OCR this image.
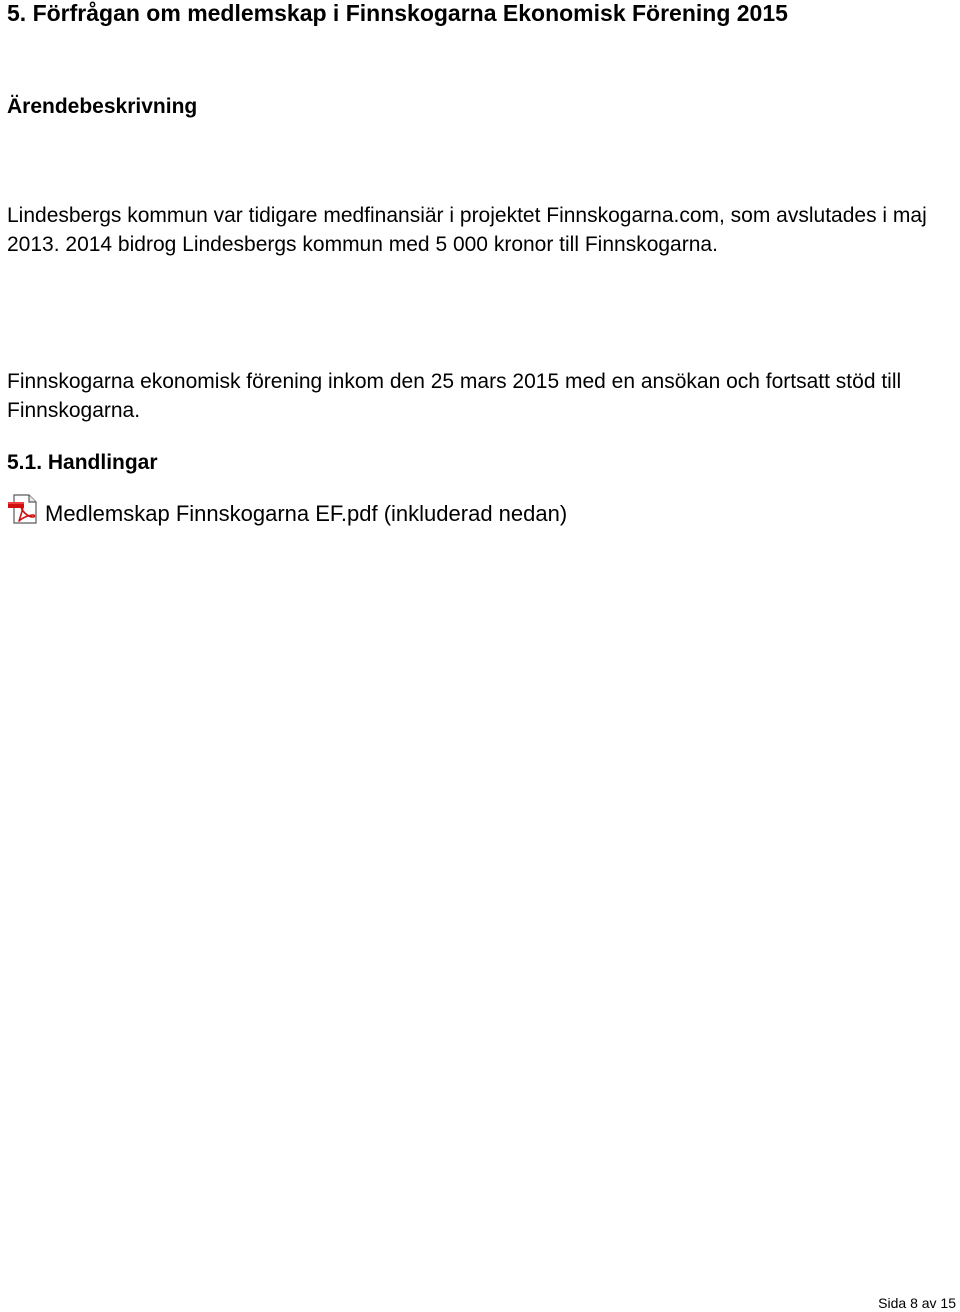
5. Förfrågan om medlemskap i Finnskogarna Ekonomisk Förening 2015
Ärendebeskrivning

Lindesbergs kommun var tidigare medfinansiär i projektet Finnskogarna.com, som avslutades i maj 2013. 2014 bidrog Lindesbergs kommun med 5 000 kronor till Finnskogarna.

Finnskogarna ekonomisk förening inkom den 25 mars 2015 med en ansökan och fortsatt stöd till Finnskogarna.

5.1. Handlingar
Medlemskap Finnskogarna EF.pdf (inkluderad nedan)
Sida 8 av 15
